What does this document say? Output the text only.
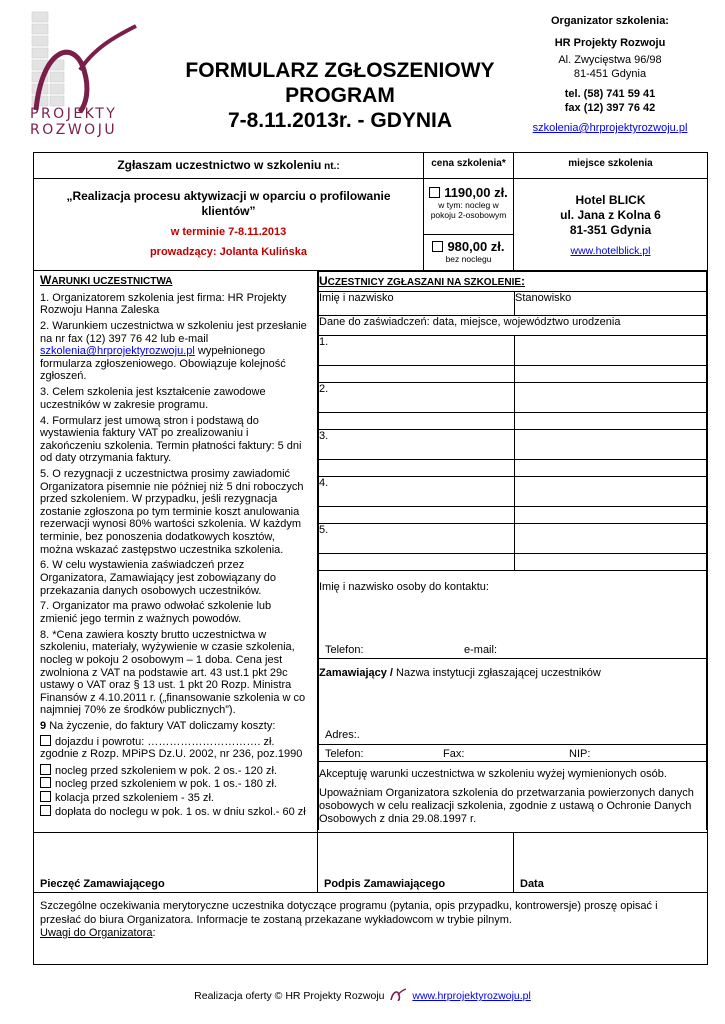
PROJEKTY
ROZWOJU
FORMULARZ ZGŁOSZENIOWY
PROGRAM
7-8.11.2013r. - GDYNIA
Organizator szkolenia:
HR Projekty Rozwoju
Al. Zwycięstwa 96/98
81-451 Gdynia
tel. (58) 741 59 41
fax (12) 397 76 42
szkolenia@hrprojektyrozwoju.pl
Zgłaszam uczestnictwo w szkoleniu nt.:	cena szkolenia*	miejsce szkolenia

„Realizacja procesu aktywizacji w oparciu o profilowanie klientów”
w terminie 7-8.11.2013
prowadzący: Jolanta Kulińska

1190,00 zł.
w tym: nocleg w pokoju 2-osobowym
980,00 zł.
bez noclegu

Hotel BLICK
ul. Jana z Kolna 6
81-351 Gdynia
www.hotelblick.pl

WARUNKI UCZESTNICTWA

1. Organizatorem szkolenia jest firma: HR Projekty Rozwoju Hanna Zaleska

2. Warunkiem uczestnictwa w szkoleniu jest przesłanie na nr fax (12) 397 76 42 lub e-mail szkolenia@hrprojektyrozwoju.pl wypełnionego formularza zgłoszeniowego. Obowiązuje kolejność zgłoszeń.

3. Celem szkolenia jest kształcenie zawodowe uczestników w zakresie programu.

4. Formularz jest umową stron i podstawą do wystawienia faktury VAT po zrealizowaniu i zakończeniu szkolenia. Termin płatności faktury: 5 dni od daty otrzymania faktury.

5. O rezygnacji z uczestnictwa prosimy zawiadomić Organizatora pisemnie nie później niż 5 dni roboczych przed szkoleniem. W przypadku, jeśli rezygnacja zostanie zgłoszona po tym terminie koszt anulowania rezerwacji wynosi 80% wartości szkolenia. W każdym terminie, bez ponoszenia dodatkowych kosztów, można wskazać zastępstwo uczestnika szkolenia.

6. W celu wystawienia zaświadczeń przez Organizatora, Zamawiający jest zobowiązany do przekazania danych osobowych uczestników.

7. Organizator ma prawo odwołać szkolenie lub zmienić jego termin z ważnych powodów.

8. *Cena zawiera koszty brutto uczestnictwa w szkoleniu, materiały, wyżywienie w czasie szkolenia, nocleg w pokoju 2 osobowym – 1 doba. Cena jest zwolniona z VAT na podstawie art. 43 ust.1 pkt 29c ustawy o VAT oraz § 13 ust. 1 pkt 20 Rozp. Ministra Finansów z 4.10.2011 r. („finansowanie szkolenia w co najmniej 70% ze środków publicznych”).

9 Na życzenie, do faktury VAT doliczamy koszty:

dojazdu i powrotu: …………………………. zł. zgodnie z Rozp. MPiPS Dz.U. 2002, nr 236, poz.1990
nocleg przed szkoleniem w pok. 2 os.- 120 zł.
nocleg przed szkoleniem w pok. 1 os.- 180 zł.
kolacja przed szkoleniem - 35 zł.
dopłata do noclegu w pok. 1 os. w dniu szkol.- 60 zł

UCZESTNICY ZGŁASZANI NA SZKOLENIE:
Imię i nazwisko	Stanowisko
Dane do zaświadczeń: data, miejsce, województwo urodzenia
1.	

2.	

3.	

4.	

5.	

Imię i nazwisko osoby do kontaktu:
Telefon:	e-mail:

Zamawiający / Nazwa instytucji zgłaszającej uczestników
Adres:.

Telefon:	Fax:	NIP:

Akceptuję warunki uczestnictwa w szkoleniu wyżej wymienionych osób.
Upoważniam Organizatora szkolenia do przetwarzania powierzonych danych osobowych w celu realizacji szkolenia, zgodnie z ustawą o Ochronie Danych Osobowych z dnia 29.08.1997 r.

Pieczęć Zamawiającego	Podpis Zamawiającego	Data

Szczególne oczekiwania merytoryczne uczestnika dotyczące programu (pytania, opis przypadku, kontrowersje) proszę opisać i przesłać do biura Organizatora. Informacje te zostaną przekazane wykładowcom w trybie pilnym.
Uwagi do Organizatora:
Realizacja oferty © HR Projekty Rozwoju	www.hrprojektyrozwoju.pl
